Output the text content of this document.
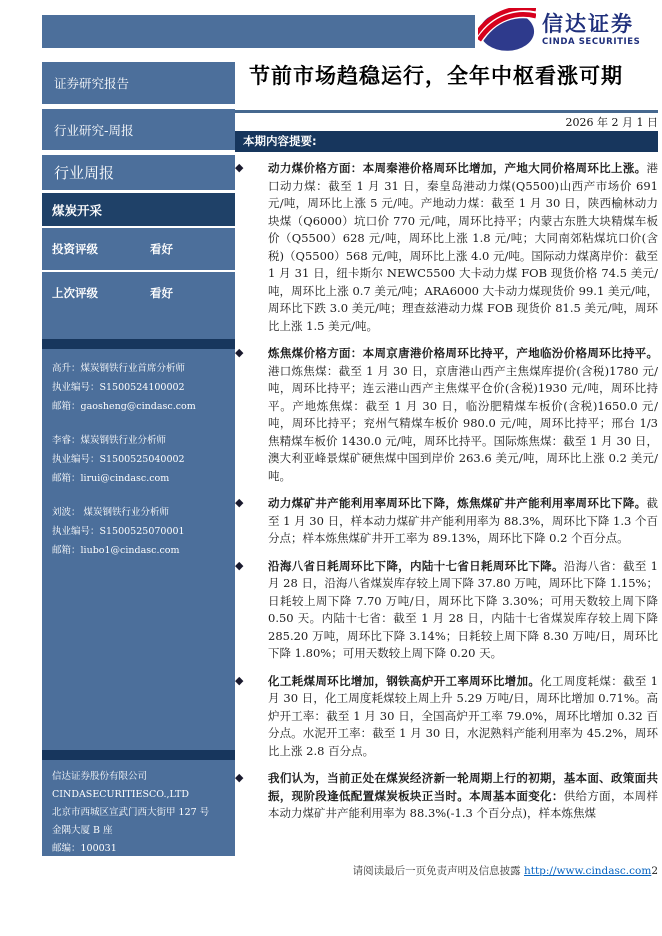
信达证券
CINDA SECURITIES
证券研究报告
行业研究-周报
行业周报
煤炭开采
投资评级	看好
上次评级	看好
高升：煤炭钢铁行业首席分析师
执业编号：S1500524100002
邮箱：gaosheng@cindasc.com
李睿：煤炭钢铁行业分析师
执业编号：S1500525040002
邮箱：lirui@cindasc.com
刘波： 煤炭钢铁行业分析师
执业编号：S1500525070001
邮箱：liubo1@cindasc.com
信达证券股份有限公司
CINDASECURITIESCO.,LTD
北京市西城区宣武门西大街甲 127 号
金隅大厦 B 座
邮编：100031
节前市场趋稳运行，全年中枢看涨可期
2026 年 2 月 1 日
本期内容提要:
◆	动力煤价格方面：本周秦港价格周环比增加，产地大同价格周环比上涨。港口动力煤：截至 1 月 31 日，秦皇岛港动力煤(Q5500)山西产市场价 691 元/吨，周环比上涨 5 元/吨。产地动力煤：截至 1 月 30 日，陕西榆林动力块煤（Q6000）坑口价 770 元/吨，周环比持平；内蒙古东胜大块精煤车板价（Q5500）628 元/吨，周环比上涨 1.8 元/吨；大同南郊粘煤坑口价(含税)（Q5500）568 元/吨，周环比上涨 4.0 元/吨。国际动力煤离岸价：截至 1 月 31 日，纽卡斯尔 NEWC5500 大卡动力煤 FOB 现货价格 74.5 美元/吨，周环比上涨 0.7 美元/吨；ARA6000 大卡动力煤现货价 99.1 美元/吨，周环比下跌 3.0 美元/吨；理查兹港动力煤 FOB 现货价 81.5 美元/吨，周环比上涨 1.5 美元/吨。
◆	炼焦煤价格方面：本周京唐港价格周环比持平，产地临汾价格周环比持平。港口炼焦煤：截至 1 月 30 日，京唐港山西产主焦煤库提价(含税)1780 元/吨，周环比持平；连云港山西产主焦煤平仓价(含税)1930 元/吨，周环比持平。产地炼焦煤：截至 1 月 30 日，临汾肥精煤车板价(含税)1650.0 元/吨，周环比持平；兖州气精煤车板价 980.0 元/吨，周环比持平；邢台 1/3 焦精煤车板价 1430.0 元/吨，周环比持平。国际炼焦煤：截至 1 月 30 日，澳大利亚峰景煤矿硬焦煤中国到岸价 263.6 美元/吨，周环比上涨 0.2 美元/吨。
◆	动力煤矿井产能利用率周环比下降，炼焦煤矿井产能利用率周环比下降。截至 1 月 30 日，样本动力煤矿井产能利用率为 88.3%，周环比下降 1.3 个百分点；样本炼焦煤矿井开工率为 89.13%，周环比下降 0.2 个百分点。
◆	沿海八省日耗周环比下降，内陆十七省日耗周环比下降。沿海八省：截至 1 月 28 日，沿海八省煤炭库存较上周下降 37.80 万吨，周环比下降 1.15%；日耗较上周下降 7.70 万吨/日，周环比下降 3.30%；可用天数较上周下降 0.50 天。内陆十七省：截至 1 月 28 日，内陆十七省煤炭库存较上周下降 285.20 万吨，周环比下降 3.14%；日耗较上周下降 8.30 万吨/日，周环比下降 1.80%；可用天数较上周下降 0.20 天。
◆	化工耗煤周环比增加，钢铁高炉开工率周环比增加。化工周度耗煤：截至 1 月 30 日，化工周度耗煤较上周上升 5.29 万吨/日，周环比增加 0.71%。高炉开工率：截至 1 月 30 日，全国高炉开工率 79.0%，周环比增加 0.32 百分点。水泥开工率：截至 1 月 30 日，水泥熟料产能利用率为 45.2%，周环比上涨 2.8 百分点。
◆	我们认为，当前正处在煤炭经济新一轮周期上行的初期，基本面、政策面共振，现阶段逢低配置煤炭板块正当时。本周基本面变化：供给方面，本周样本动力煤矿井产能利用率为 88.3%(-1.3 个百分点)，样本炼焦煤
请阅读最后一页免责声明及信息披露 http://www.cindasc.com2
